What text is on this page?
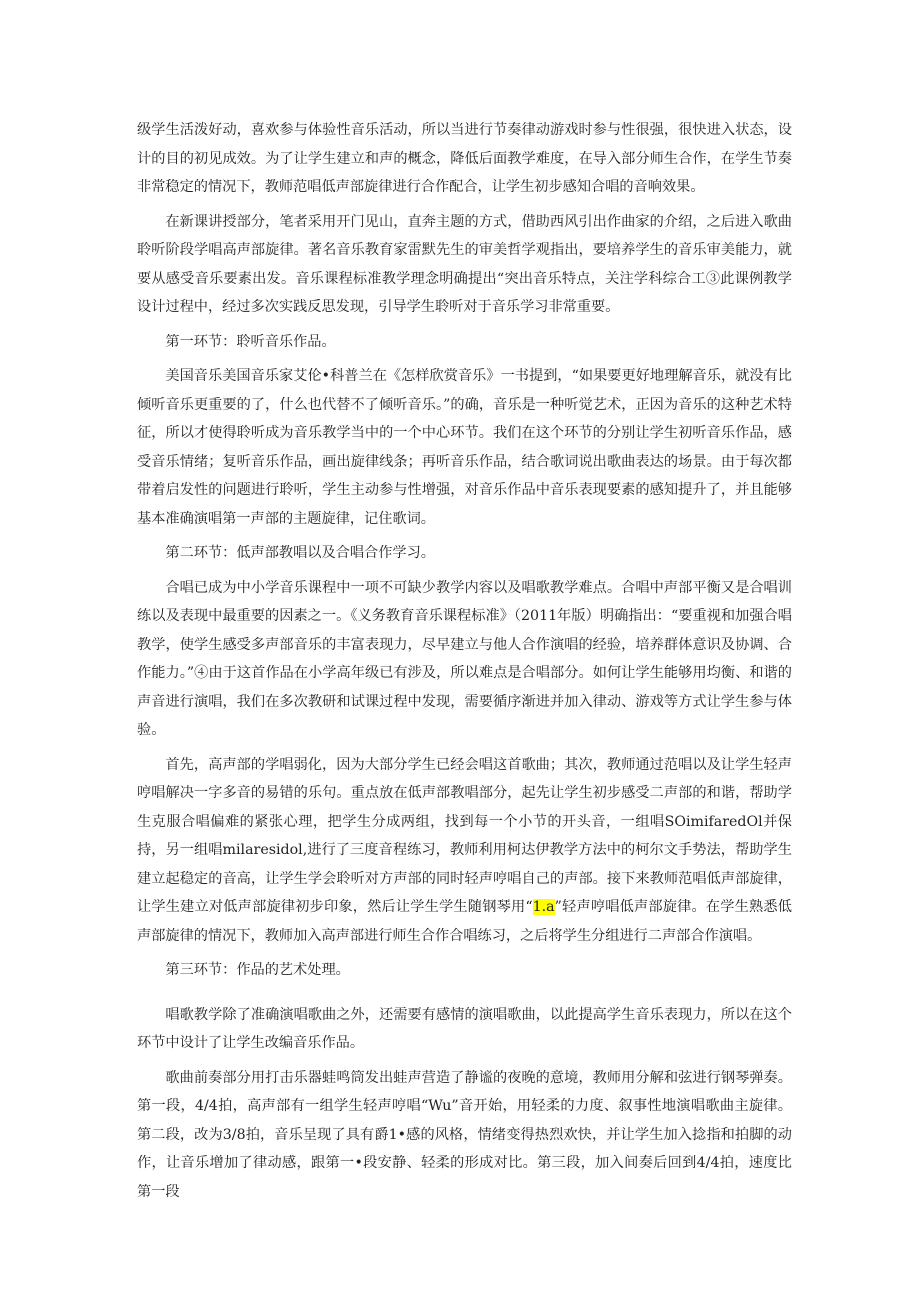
级学生活泼好动，喜欢参与体验性音乐活动，所以当进行节奏律动游戏时参与性很强，很快进入状态，设计的目的初见成效。为了让学生建立和声的概念，降低后面教学难度，在导入部分师生合作，在学生节奏非常稳定的情况下，教师范唱低声部旋律进行合作配合，让学生初步感知合唱的音响效果。

在新课讲授部分，笔者采用开门见山，直奔主题的方式，借助西风引出作曲家的介绍，之后进入歌曲聆听阶段学唱高声部旋律。著名音乐教育家雷默先生的审美哲学观指出，要培养学生的音乐审美能力，就要从感受音乐要素出发。音乐课程标准教学理念明确提出“突出音乐特点，关注学科综合工③此课例教学设计过程中，经过多次实践反思发现，引导学生聆听对于音乐学习非常重要。

第一环节：聆听音乐作品。

美国音乐美国音乐家艾伦•科普兰在《怎样欣赏音乐》一书提到，“如果要更好地理解音乐，就没有比倾听音乐更重要的了，什么也代替不了倾听音乐。”的确，音乐是一种听觉艺术，正因为音乐的这种艺术特征，所以才使得聆听成为音乐教学当中的一个中心环节。我们在这个环节的分别让学生初听音乐作品，感受音乐情绪；复听音乐作品，画出旋律线条；再听音乐作品，结合歌词说出歌曲表达的场景。由于每次都带着启发性的问题进行聆听，学生主动参与性增强，对音乐作品中音乐表现要素的感知提升了，并且能够基本准确演唱第一声部的主题旋律，记住歌词。

第二环节：低声部教唱以及合唱合作学习。

合唱已成为中小学音乐课程中一项不可缺少教学内容以及唱歌教学难点。合唱中声部平衡又是合唱训练以及表现中最重要的因素之一。《义务教育音乐课程标准》（2011年版）明确指出：“要重视和加强合唱教学，使学生感受多声部音乐的丰富表现力，尽早建立与他人合作演唱的经验，培养群体意识及协调、合作能力。”④由于这首作品在小学高年级已有涉及，所以难点是合唱部分。如何让学生能够用均衡、和谐的声音进行演唱，我们在多次教研和试课过程中发现，需要循序渐进并加入律动、游戏等方式让学生参与体验。

首先，高声部的学唱弱化，因为大部分学生已经会唱这首歌曲；其次，教师通过范唱以及让学生轻声哼唱解决一字多音的易错的乐句。重点放在低声部教唱部分，起先让学生初步感受二声部的和谐，帮助学生克服合唱偏难的紧张心理，把学生分成两组，找到每一个小节的开头音，一组唱SOimifaredOl并保持，另一组唱milaresidol,进行了三度音程练习，教师利用柯达伊教学方法中的柯尔文手势法，帮助学生建立起稳定的音高，让学生学会聆听对方声部的同时轻声哼唱自己的声部。接下来教师范唱低声部旋律，让学生建立对低声部旋律初步印象，然后让学生学生随钢琴用“1.a”轻声哼唱低声部旋律。在学生熟悉低声部旋律的情况下，教师加入高声部进行师生合作合唱练习，之后将学生分组进行二声部合作演唱。

第三环节：作品的艺术处理。

唱歌教学除了准确演唱歌曲之外，还需要有感情的演唱歌曲，以此提高学生音乐表现力，所以在这个环节中设计了让学生改编音乐作品。

歌曲前奏部分用打击乐器蛙鸣筒发出蛙声营造了静谧的夜晚的意境，教师用分解和弦进行钢琴弹奏。第一段，4/4拍，高声部有一组学生轻声哼唱“Wu”音开始，用轻柔的力度、叙事性地演唱歌曲主旋律。第二段，改为3/8拍，音乐呈现了具有爵1•感的风格，情绪变得热烈欢快，并让学生加入捻指和拍脚的动作，让音乐增加了律动感，跟第一•段安静、轻柔的形成对比。第三段，加入间奏后回到4/4拍，速度比第一段
